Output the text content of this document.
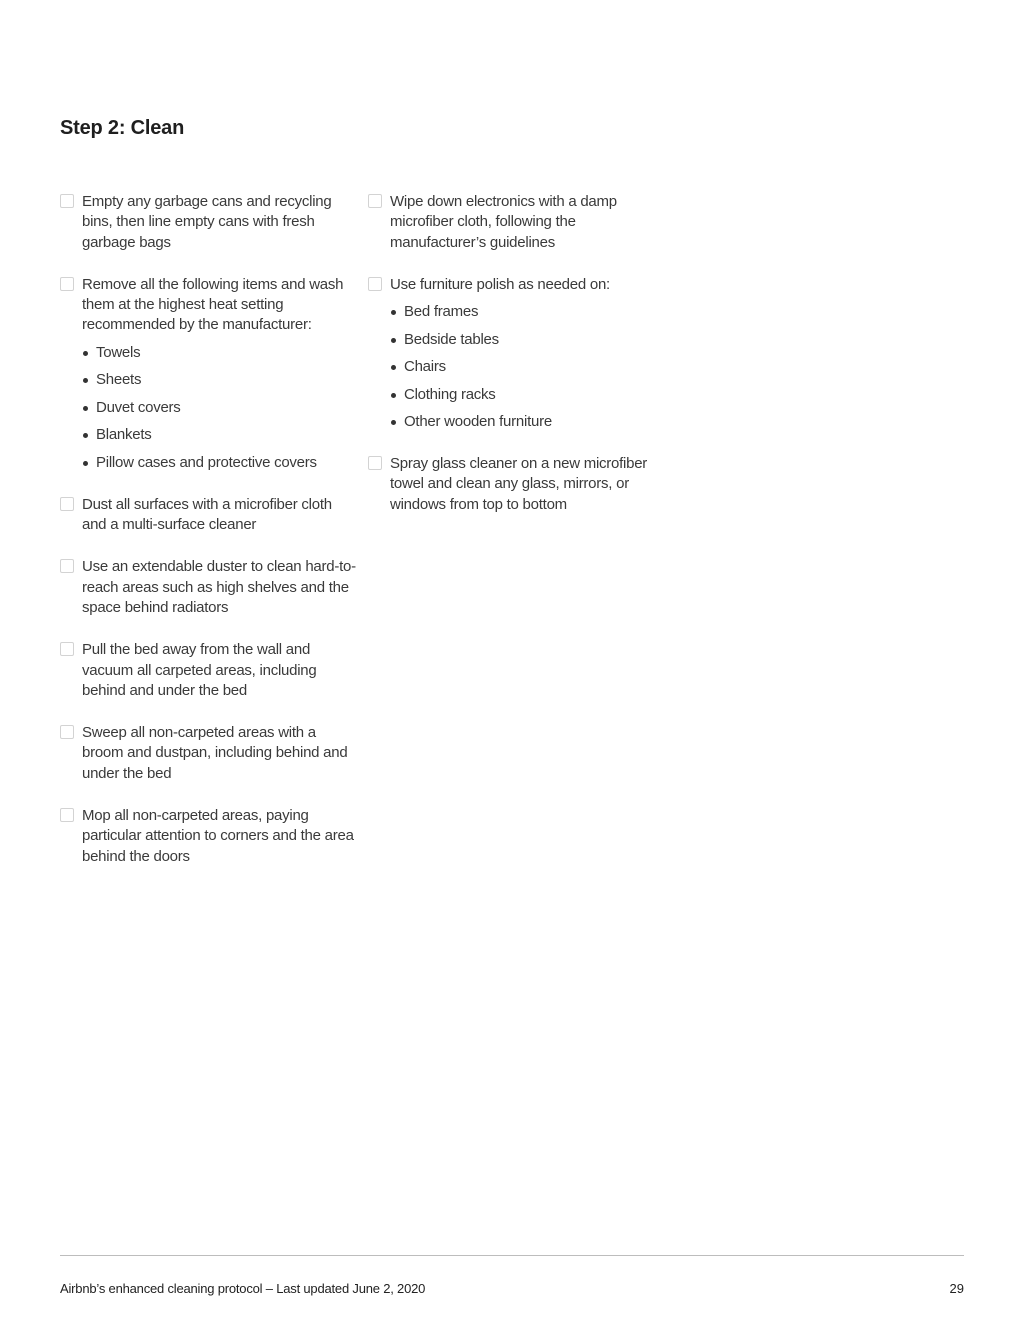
Step 2: Clean
Empty any garbage cans and recycling bins, then line empty cans with fresh garbage bags
Remove all the following items and wash them at the highest heat setting recommended by the manufacturer:
Towels
Sheets
Duvet covers
Blankets
Pillow cases and protective covers
Dust all surfaces with a microfiber cloth and a multi-surface cleaner
Use an extendable duster to clean hard-to-reach areas such as high shelves and the space behind radiators
Pull the bed away from the wall and vacuum all carpeted areas, including behind and under the bed
Sweep all non-carpeted areas with a broom and dustpan, including behind and under the bed
Mop all non-carpeted areas, paying particular attention to corners and the area behind the doors
Wipe down electronics with a damp microfiber cloth, following the manufacturer’s guidelines
Use furniture polish as needed on:
Bed frames
Bedside tables
Chairs
Clothing racks
Other wooden furniture
Spray glass cleaner on a new microfiber towel and clean any glass, mirrors, or windows from top to bottom
Airbnb’s enhanced cleaning protocol – Last updated June 2, 2020	29
